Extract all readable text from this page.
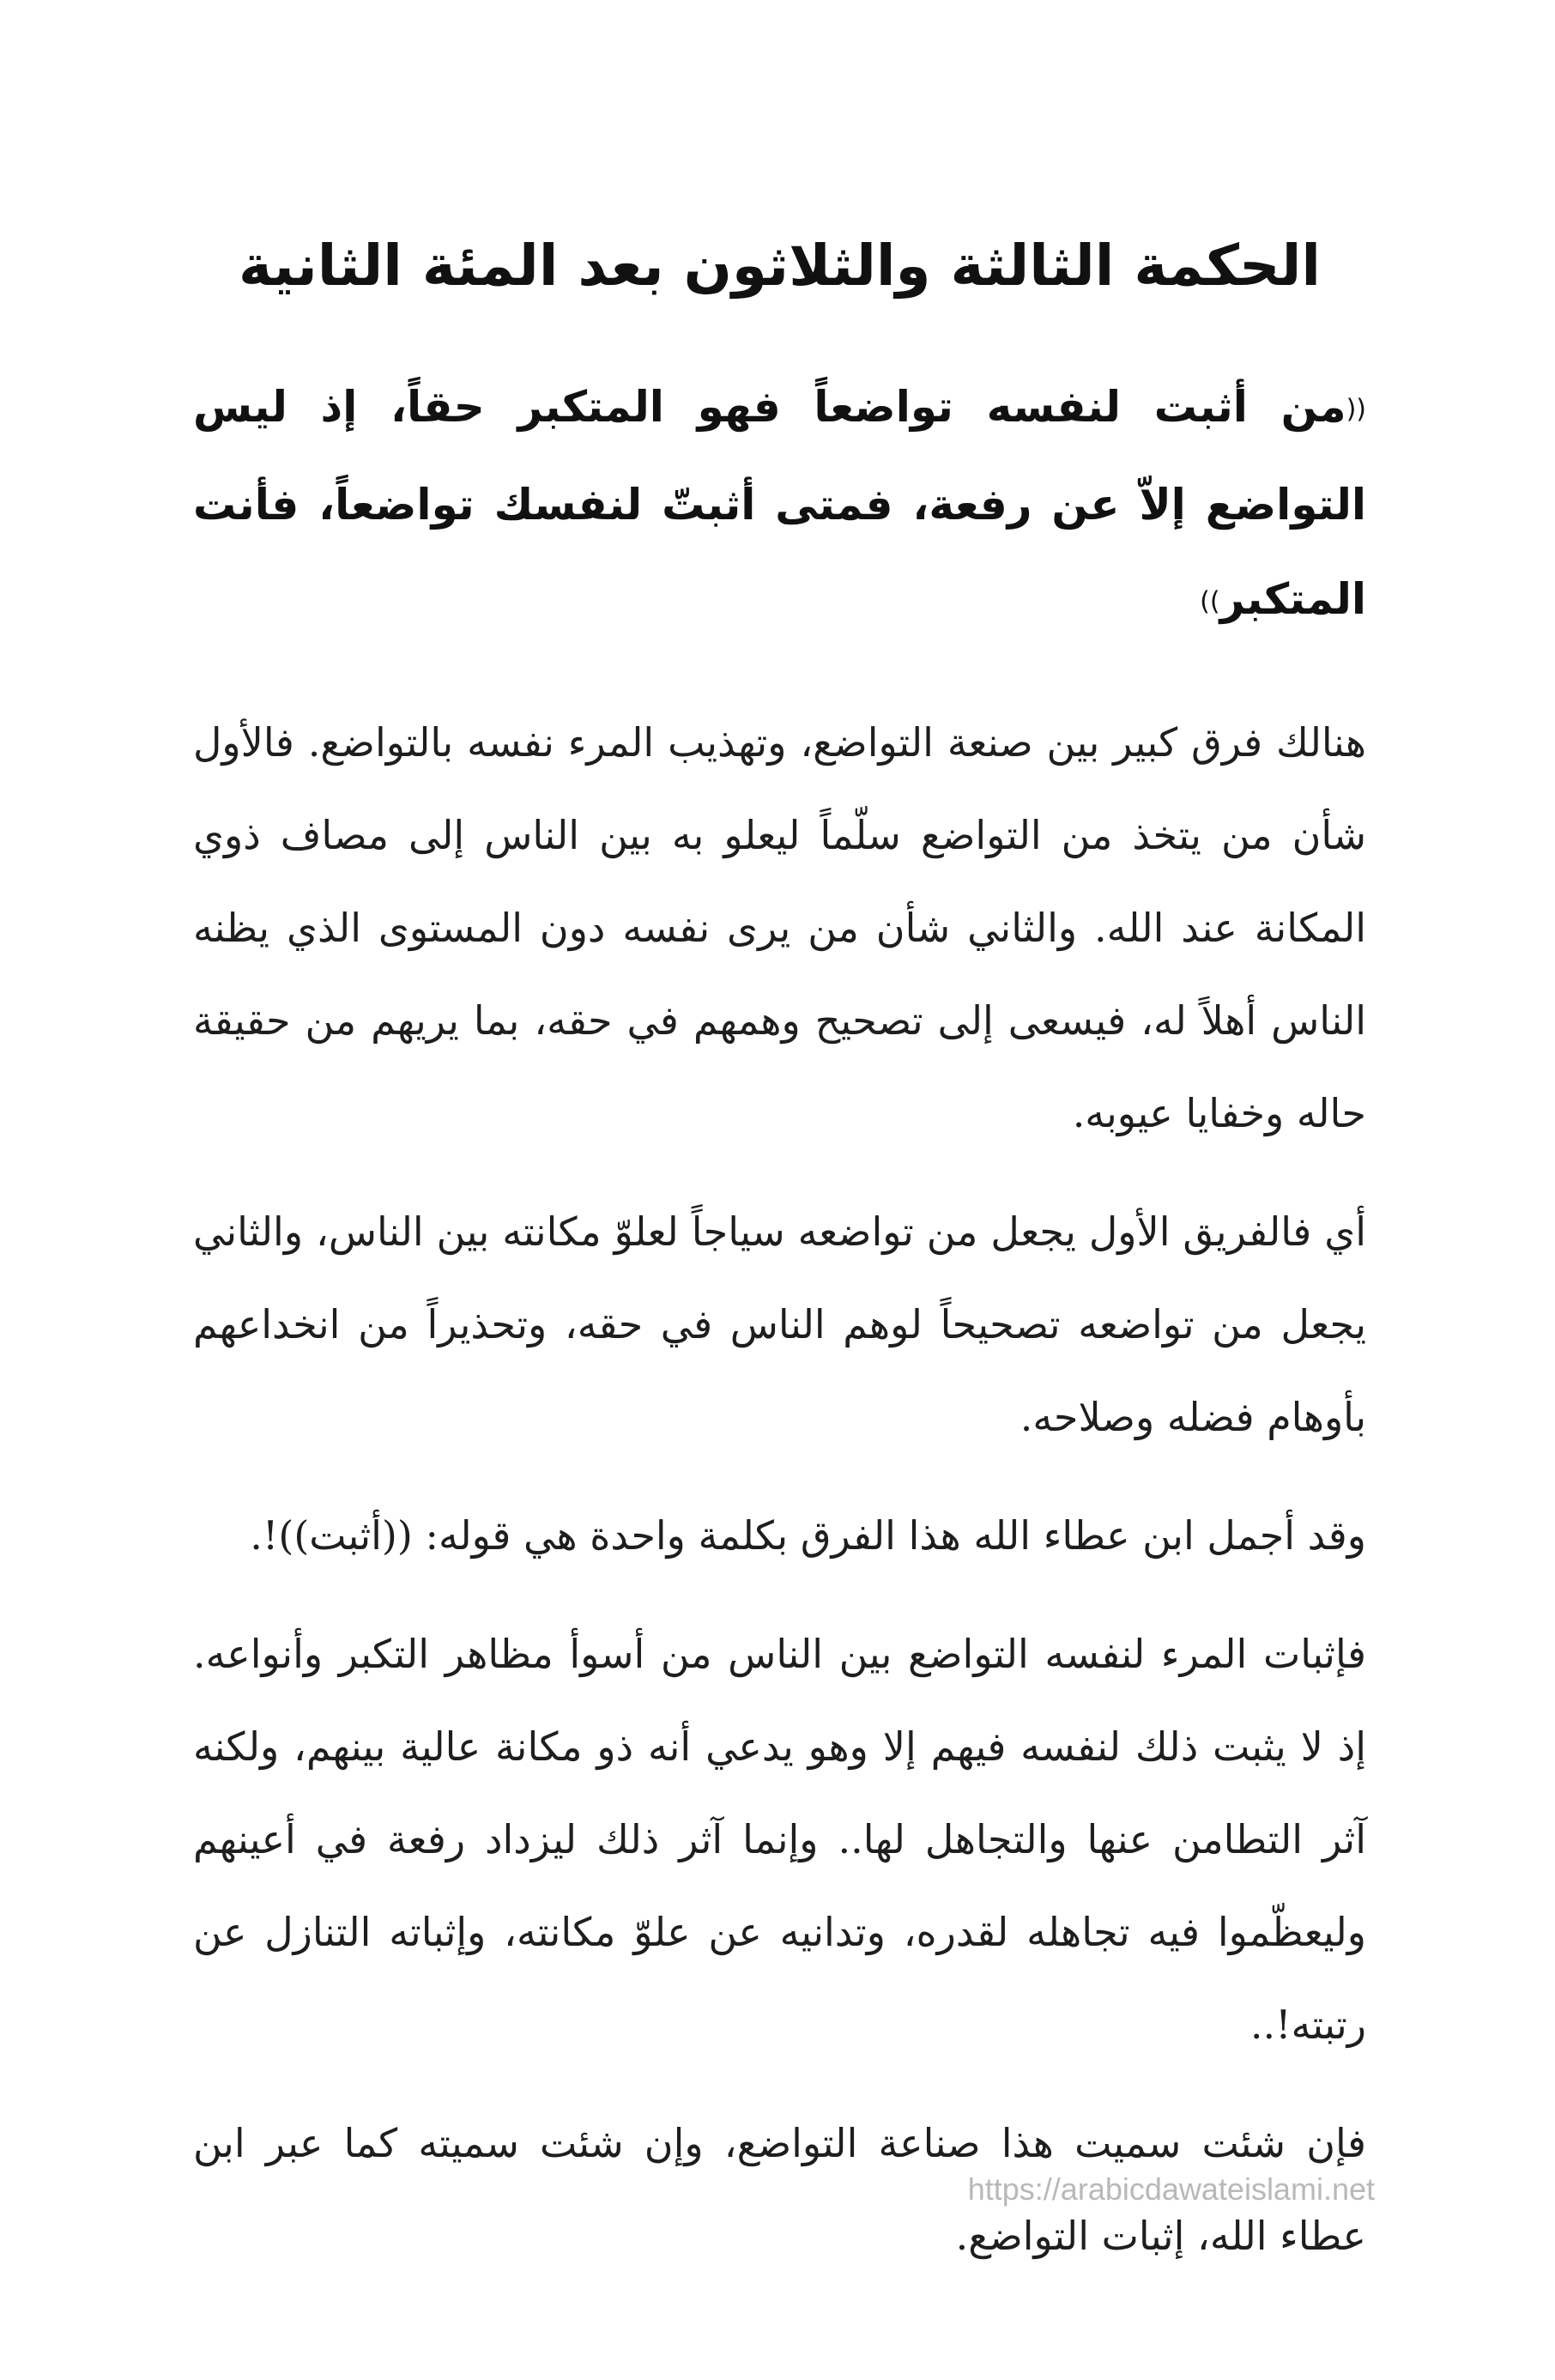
الحكمة الثالثة والثلاثون بعد المئة الثانية

((من أثبت لنفسه تواضعاً فهو المتكبر حقاً، إذ ليس التواضع إلاّ عن رفعة، فمتى أثبتّ لنفسك تواضعاً، فأنت المتكبر))

هنالك فرق كبير بين صنعة التواضع، وتهذيب المرء نفسه بالتواضع. فالأول شأن من يتخذ من التواضع سلّماً ليعلو به بين الناس إلى مصاف ذوي المكانة عند الله. والثاني شأن من يرى نفسه دون المستوى الذي يظنه الناس أهلاً له، فيسعى إلى تصحيح وهمهم في حقه، بما يريهم من حقيقة حاله وخفايا عيوبه.

أي فالفريق الأول يجعل من تواضعه سياجاً لعلوّ مكانته بين الناس، والثاني يجعل من تواضعه تصحيحاً لوهم الناس في حقه، وتحذيراً من انخداعهم بأوهام فضله وصلاحه.

وقد أجمل ابن عطاء الله هذا الفرق بكلمة واحدة هي قوله: ((أثبت))!.

فإثبات المرء لنفسه التواضع بين الناس من أسوأ مظاهر التكبر وأنواعه. إذ لا يثبت ذلك لنفسه فيهم إلا وهو يدعي أنه ذو مكانة عالية بينهم، ولكنه آثر التطامن عنها والتجاهل لها.. وإنما آثر ذلك ليزداد رفعة في أعينهم وليعظّموا فيه تجاهله لقدره، وتدانيه عن علوّ مكانته، وإثباته التنازل عن رتبته!..

فإن شئت سميت هذا صناعة التواضع، وإن شئت سميته كما عبر ابن عطاء الله، إثبات التواضع.

https://arabicdawateislami.net
